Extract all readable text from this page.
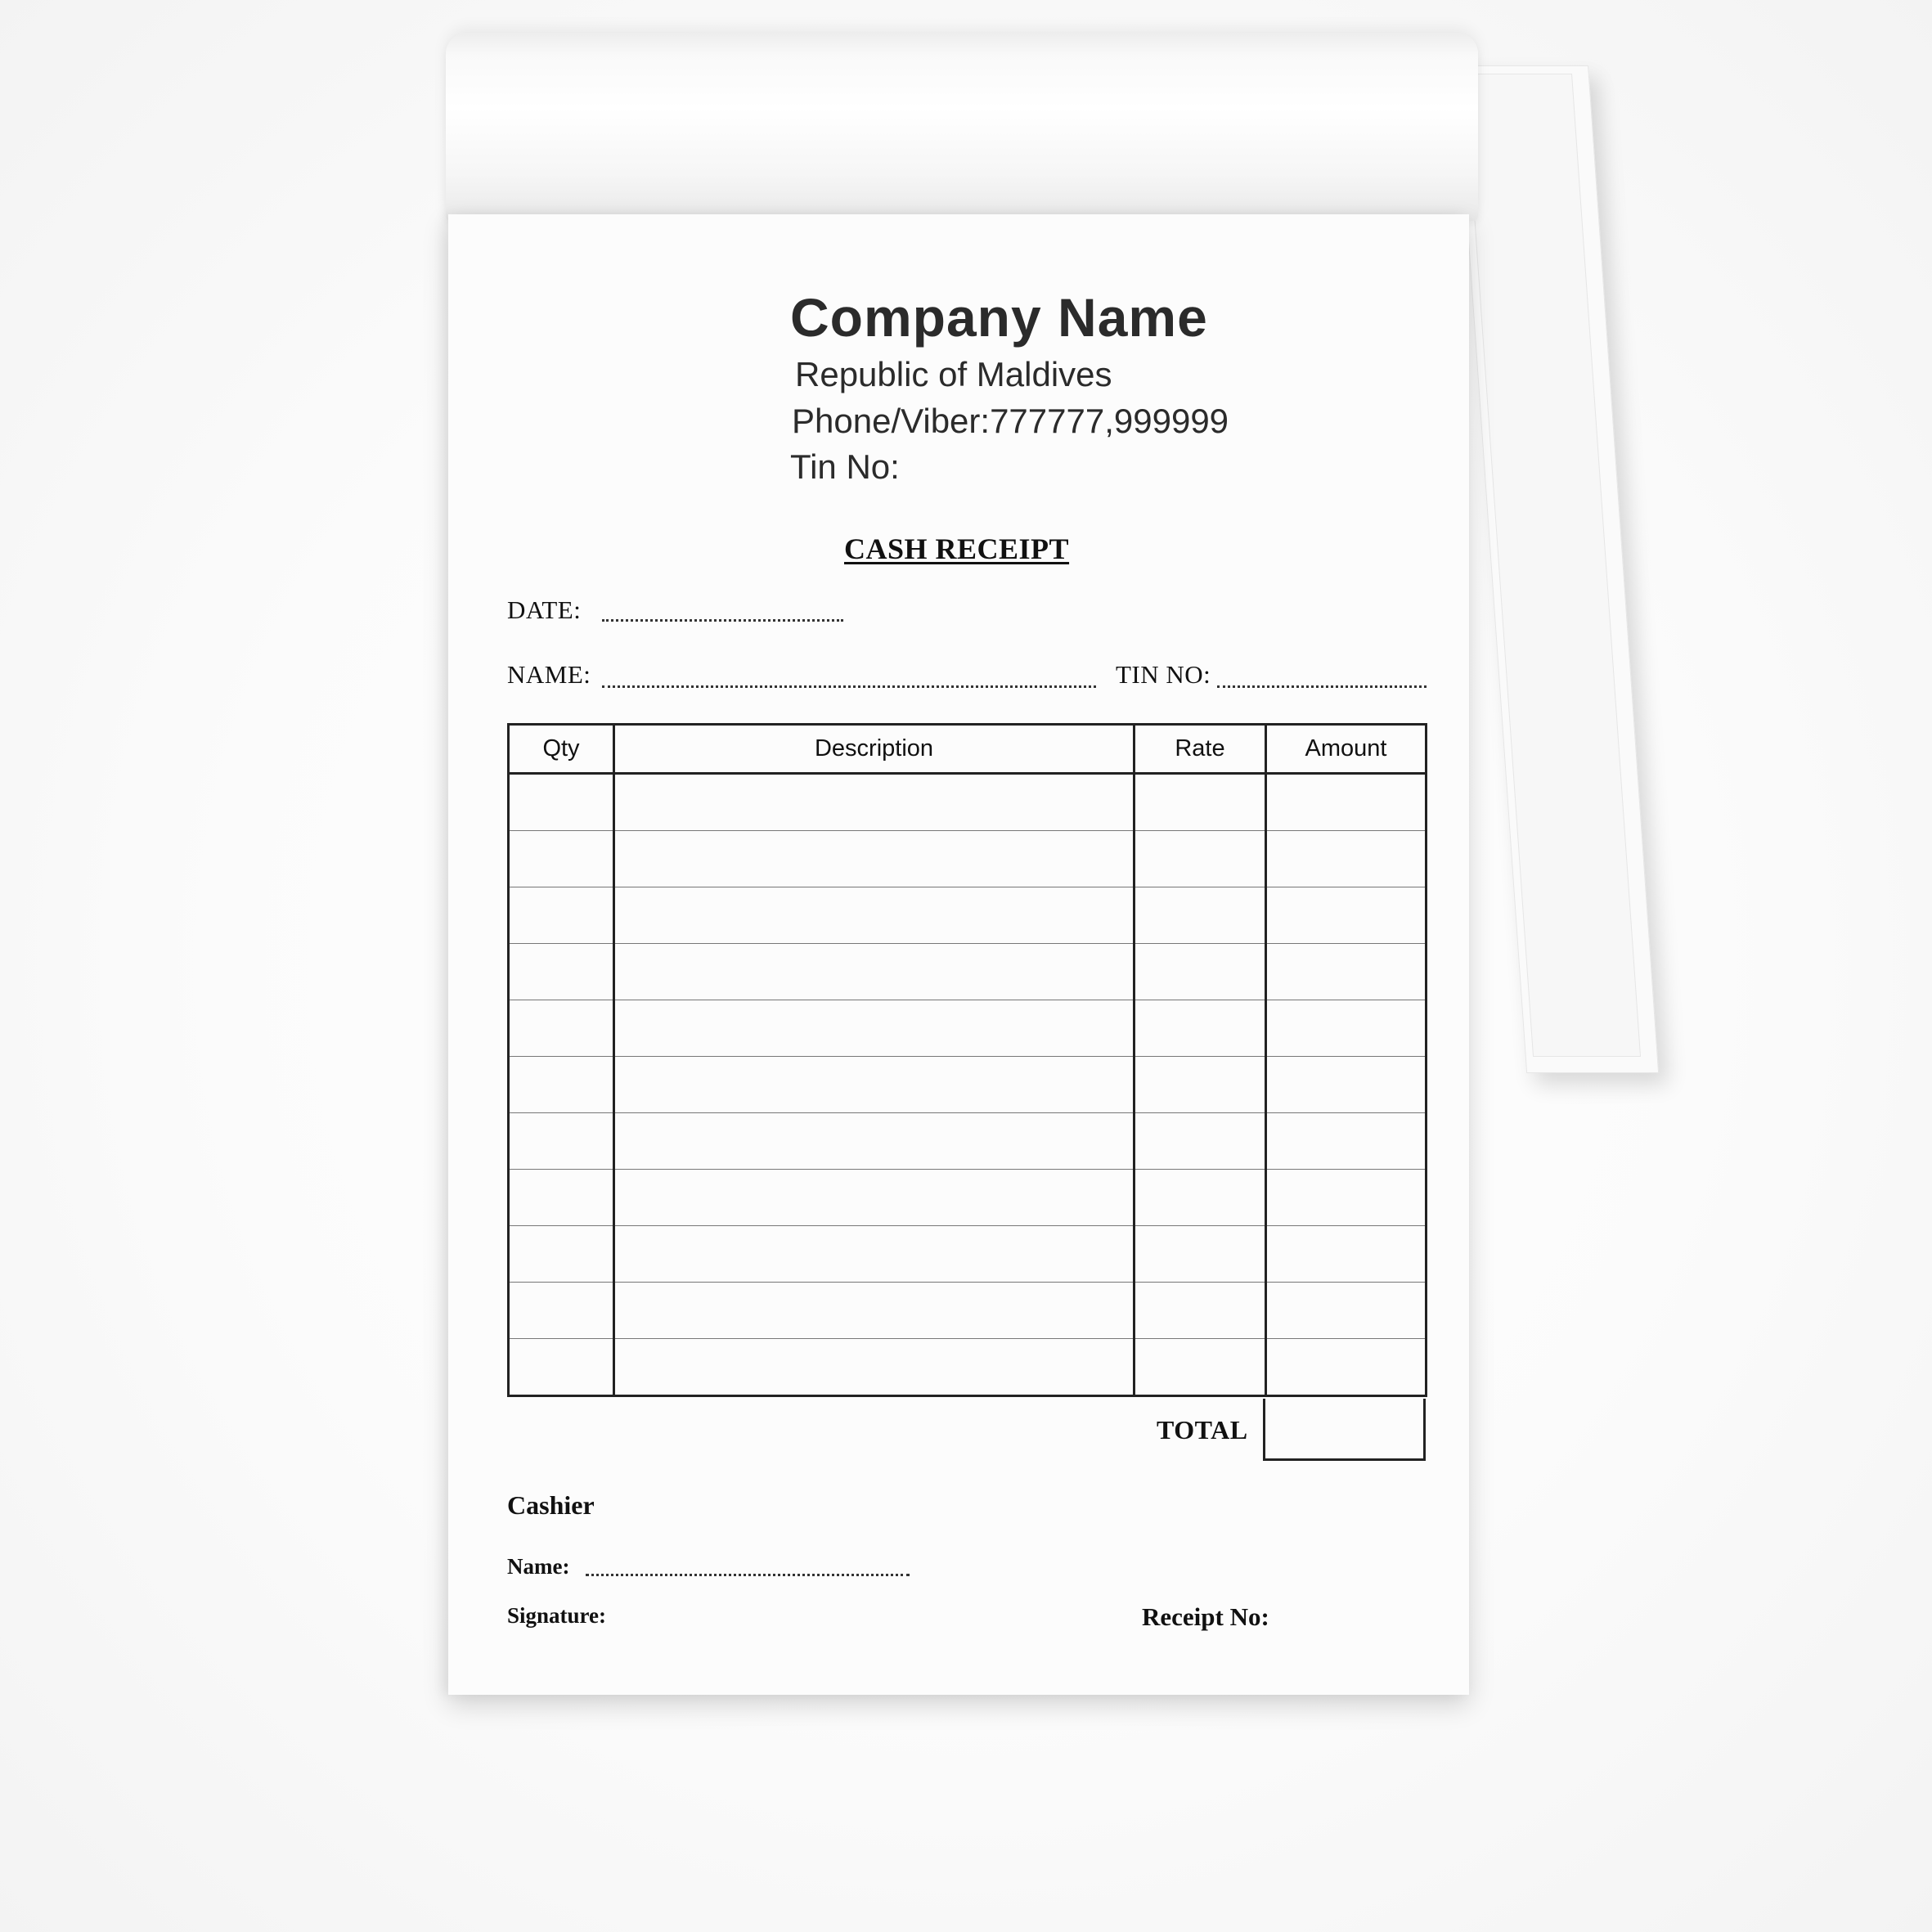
Company Name
Republic of Maldives
Phone/Viber:777777,999999
Tin No:
CASH RECEIPT
DATE:
NAME:	TIN NO:
Qty	Description	Rate	Amount

TOTAL
Cashier
Name:
Signature:	Receipt No:
